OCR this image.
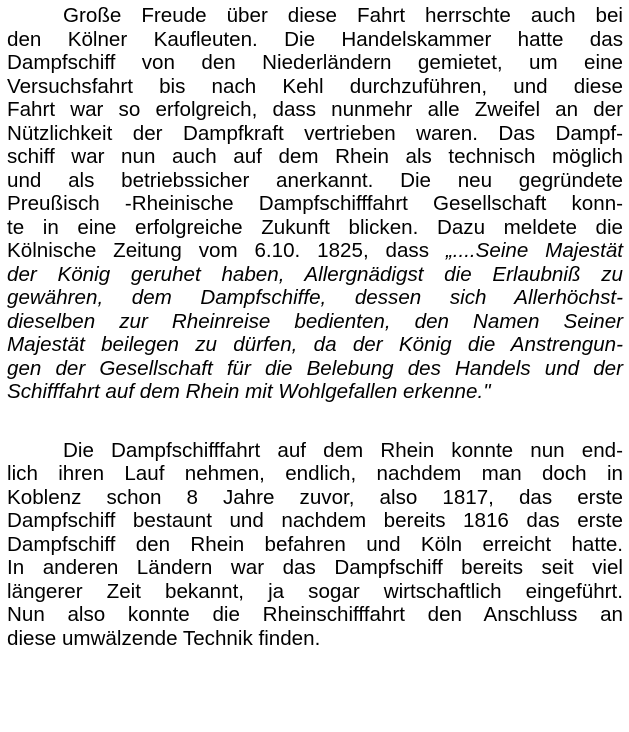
Große Freude über diese Fahrt herrschte auch bei
den Kölner Kaufleuten. Die Handelskammer hatte das
Dampfschiff von den Niederländern gemietet, um eine
Versuchsfahrt bis nach Kehl durchzuführen, und diese
Fahrt war so erfolgreich, dass nunmehr alle Zweifel an der
Nützlichkeit der Dampfkraft vertrieben waren. Das Dampf-
schiff war nun auch auf dem Rhein als technisch möglich
und als betriebssicher anerkannt. Die neu gegründete
Preußisch -Rheinische Dampfschifffahrt Gesellschaft konn-
te in eine erfolgreiche Zukunft blicken. Dazu meldete die
Kölnische Zeitung vom 6.10. 1825, dass „....Seine Majestät
der König geruhet haben, Allergnädigst die Erlaubniß zu
gewähren, dem Dampfschiffe, dessen sich Allerhöchst-
dieselben zur Rheinreise bedienten, den Namen Seiner
Majestät beilegen zu dürfen, da der König die Anstrengun-
gen der Gesellschaft für die Belebung des Handels und der
Schifffahrt auf dem Rhein mit Wohlgefallen erkenne."
Die Dampfschifffahrt auf dem Rhein konnte nun end-
lich ihren Lauf nehmen, endlich, nachdem man doch in
Koblenz schon 8 Jahre zuvor, also 1817, das erste
Dampfschiff bestaunt und nachdem bereits 1816 das erste
Dampfschiff den Rhein befahren und Köln erreicht hatte.
In anderen Ländern war das Dampfschiff bereits seit viel
längerer Zeit bekannt, ja sogar wirtschaftlich eingeführt.
Nun also konnte die Rheinschifffahrt den Anschluss an
diese umwälzende Technik finden.
